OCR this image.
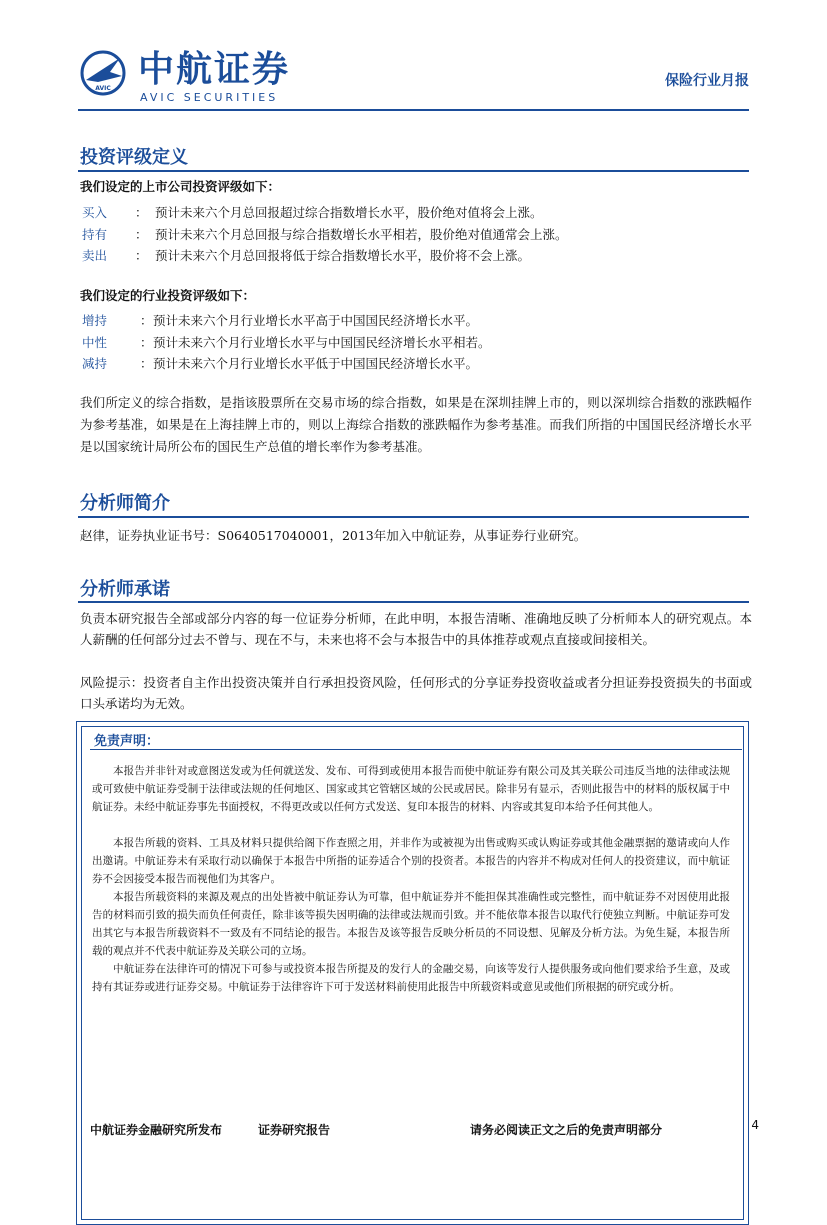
AVIC 中航证券
AVIC SECURITIES
保险行业月报
投资评级定义
我们设定的上市公司投资评级如下：
买入 ： 预计未来六个月总回报超过综合指数增长水平，股价绝对值将会上涨。
持有 ： 预计未来六个月总回报与综合指数增长水平相若，股价绝对值通常会上涨。
卖出 ： 预计未来六个月总回报将低于综合指数增长水平，股价将不会上涨。
我们设定的行业投资评级如下：
增持	： 预计未来六个月行业增长水平高于中国国民经济增长水平。
中性	： 预计未来六个月行业增长水平与中国国民经济增长水平相若。
减持	： 预计未来六个月行业增长水平低于中国国民经济增长水平。
我们所定义的综合指数，是指该股票所在交易市场的综合指数，如果是在深圳挂牌上市的，则以深圳综合指数的涨跌幅作为参考基准，如果是在上海挂牌上市的，则以上海综合指数的涨跌幅作为参考基准。而我们所指的中国国民经济增长水平是以国家统计局所公布的国民生产总值的增长率作为参考基准。
分析师简介
赵律，证券执业证书号：S0640517040001，2013年加入中航证券，从事证券行业研究。
分析师承诺
负责本研究报告全部或部分内容的每一位证券分析师，在此申明，本报告清晰、准确地反映了分析师本人的研究观点。本人薪酬的任何部分过去不曾与、现在不与，未来也将不会与本报告中的具体推荐或观点直接或间接相关。
风险提示：投资者自主作出投资决策并自行承担投资风险，任何形式的分享证券投资收益或者分担证券投资损失的书面或口头承诺均为无效。
免责声明：
本报告并非针对或意图送发或为任何就送发、发布、可得到或使用本报告而使中航证券有限公司及其关联公司违反当地的法律或法规或可致使中航证券受制于法律或法规的任何地区、国家或其它管辖区域的公民或居民。除非另有显示，否则此报告中的材料的版权属于中航证券。未经中航证券事先书面授权，不得更改或以任何方式发送、复印本报告的材料、内容或其复印本给予任何其他人。
本报告所载的资料、工具及材料只提供给阁下作查照之用，并非作为或被视为出售或购买或认购证券或其他金融票据的邀请或向人作出邀请。中航证券未有采取行动以确保于本报告中所指的证券适合个别的投资者。本报告的内容并不构成对任何人的投资建议，而中航证券不会因接受本报告而视他们为其客户。
本报告所载资料的来源及观点的出处皆被中航证券认为可靠，但中航证券并不能担保其准确性或完整性，而中航证券不对因使用此报告的材料而引致的损失而负任何责任，除非该等损失因明确的法律或法规而引致。并不能依靠本报告以取代行使独立判断。中航证券可发出其它与本报告所载资料不一致及有不同结论的报告。本报告及该等报告反映分析员的不同设想、见解及分析方法。为免生疑，本报告所载的观点并不代表中航证券及关联公司的立场。
中航证券在法律许可的情况下可参与或投资本报告所提及的发行人的金融交易，向该等发行人提供服务或向他们要求给予生意，及或持有其证券或进行证券交易。中航证券于法律容许下可于发送材料前使用此报告中所载资料或意见或他们所根据的研究或分析。
中航证券金融研究所发布	证券研究报告	请务必阅读正文之后的免责声明部分	4
